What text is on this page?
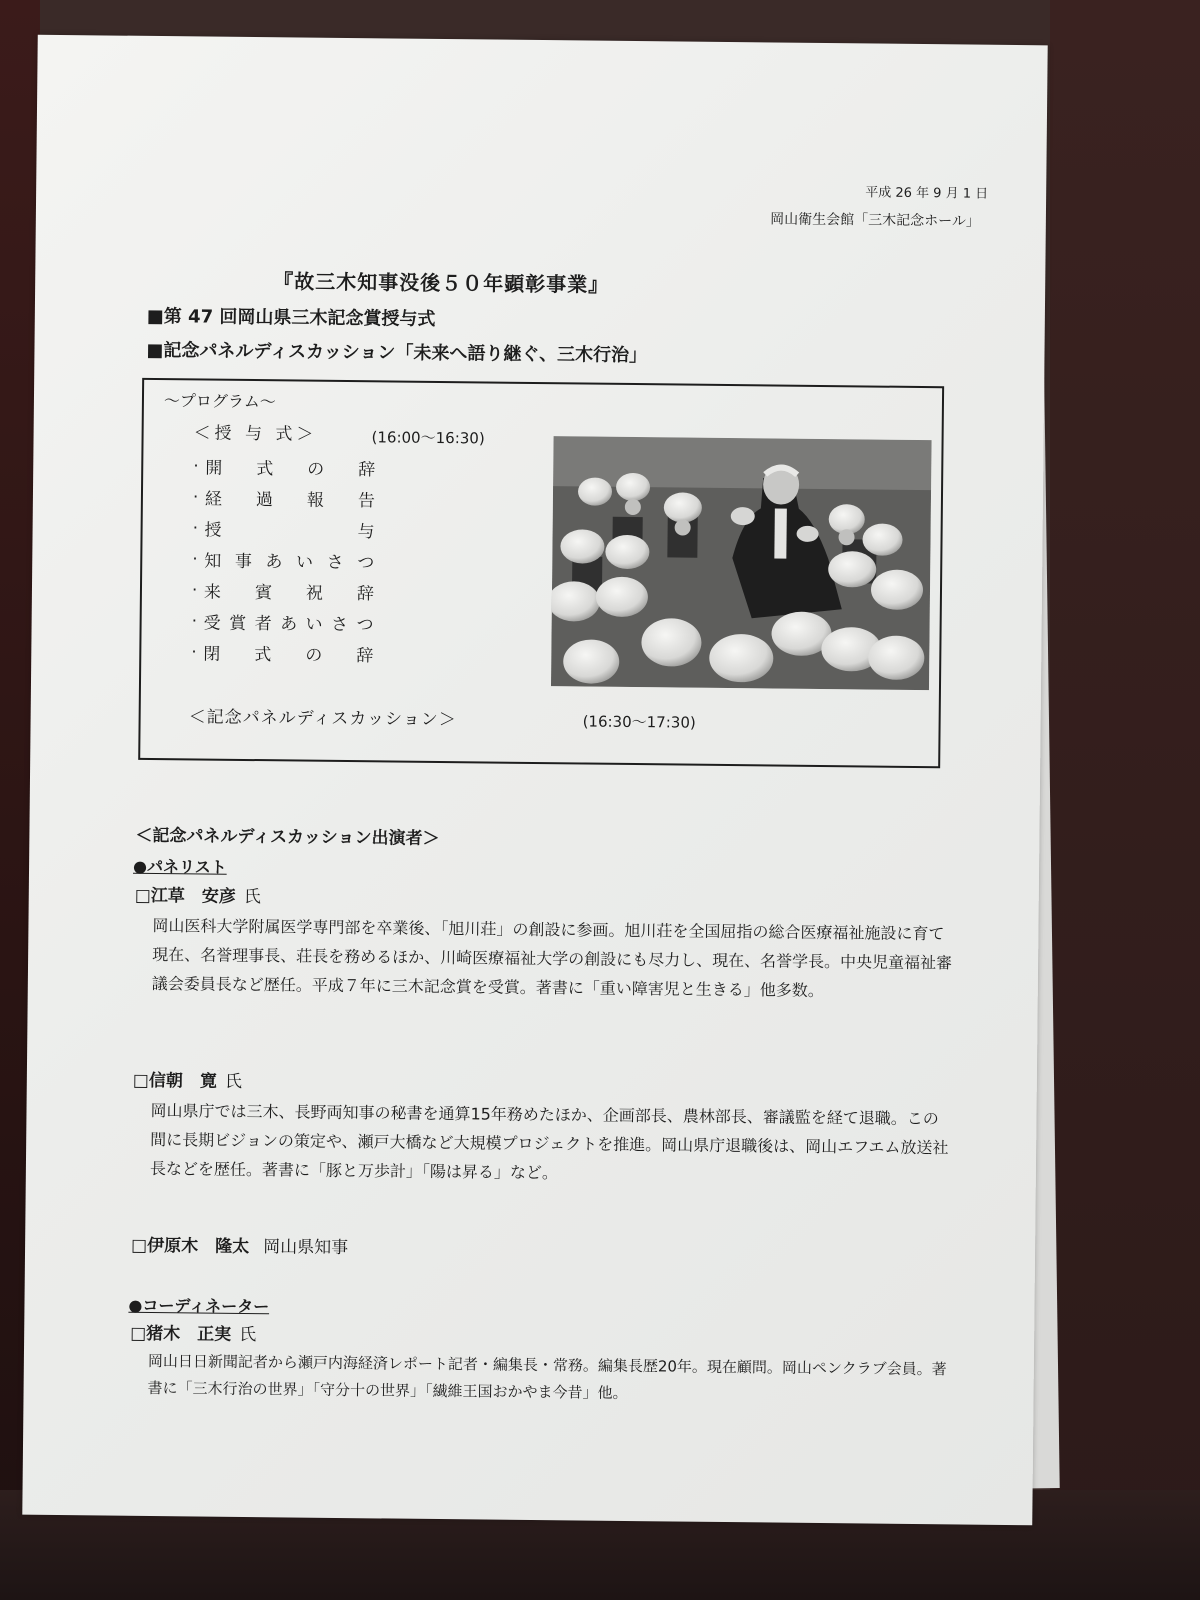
平成 26 年 9 月 1 日
岡山衛生会館「三木記念ホール」
『故三木知事没後５０年顕彰事業』
■第 47 回岡山県三木記念賞授与式
■記念パネルディスカッション「未来へ語り継ぐ、三木行治」
～プログラム～
＜授 与 式＞	(16:00～16:30)
· 開式の辞
· 経過報告
· 授与
· 知事あいさつ
· 来賓祝辞
· 受賞者あいさつ
· 閉式の辞
＜記念パネルディスカッション＞	(16:30～17:30)
＜記念パネルディスカッション出演者＞
●パネリスト
□江草　安彦 氏
岡山医科大学附属医学専門部を卒業後、「旭川荘」の創設に参画。旭川荘を全国屈指の総合医療福祉施設に育て現在、名誉理事長、荘長を務めるほか、川崎医療福祉大学の創設にも尽力し、現在、名誉学長。中央児童福祉審議会委員長など歴任。平成７年に三木記念賞を受賞。著書に「重い障害児と生きる」他多数。
□信朝　寛 氏
岡山県庁では三木、長野両知事の秘書を通算15年務めたほか、企画部長、農林部長、審議監を経て退職。この間に長期ビジョンの策定や、瀬戸大橋など大規模プロジェクトを推進。岡山県庁退職後は、岡山エフエム放送社長などを歴任。著書に「豚と万歩計」「陽は昇る」など。
□伊原木　隆太 岡山県知事
●コーディネーター
□猪木　正実 氏
岡山日日新聞記者から瀬戸内海経済レポート記者・編集長・常務。編集長歴20年。現在顧問。岡山ペンクラブ会員。著書に「三木行治の世界」「守分十の世界」「繊維王国おかやま今昔」他。
